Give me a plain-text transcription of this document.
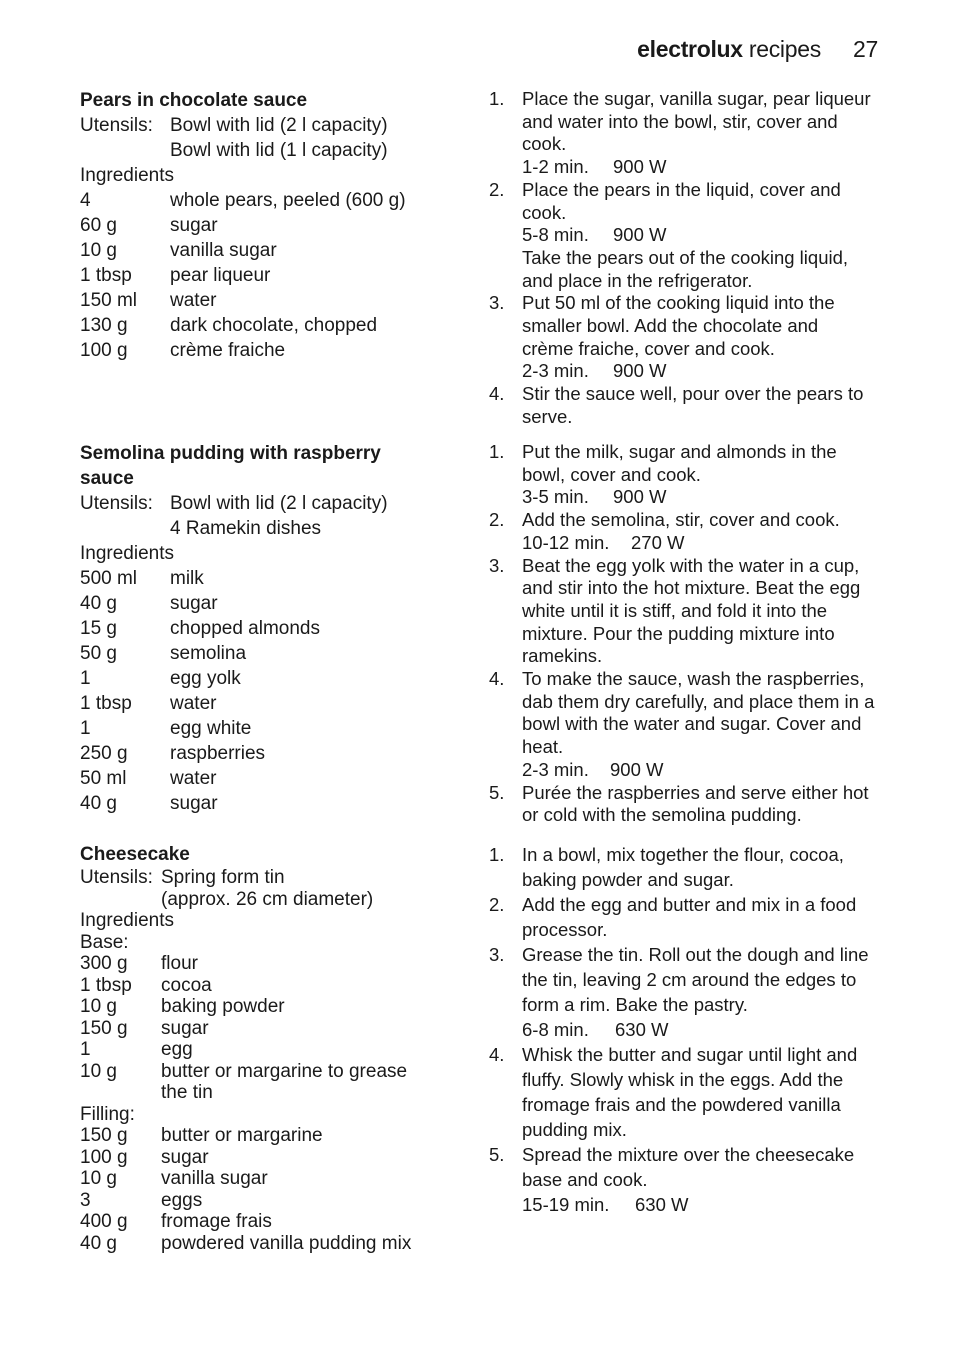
electrolux recipes 27
Pears in chocolate sauce
Utensils: Bowl with lid (2 l capacity)
Bowl with lid (1 l capacity)
Ingredients
4	whole pears, peeled (600 g)
60 g	sugar
10 g	vanilla sugar
1 tbsp	pear liqueur
150 ml	water
130 g	dark chocolate, chopped
100 g	crème fraiche
1. Place the sugar, vanilla sugar, pear liqueur
and water into the bowl, stir, cover and
cook.
1-2 min. 900 W
2. Place the pears in the liquid, cover and
cook.
5-8 min. 900 W
Take the pears out of the cooking liquid,
and place in the refrigerator.
3. Put 50 ml of the cooking liquid into the
smaller bowl. Add the chocolate and
crème fraiche, cover and cook.
2-3 min. 900 W
4. Stir the sauce well, pour over the pears to
serve.
Semolina pudding with raspberry
sauce
Utensils: Bowl with lid (2 l capacity)
4 Ramekin dishes
Ingredients
500 ml	milk
40 g	sugar
15 g	chopped almonds
50 g	semolina
1	egg yolk
1 tbsp	water
1	egg white
250 g	raspberries
50 ml	water
40 g	sugar
1. Put the milk, sugar and almonds in the
bowl, cover and cook.
3-5 min. 900 W
2. Add the semolina, stir, cover and cook.
10-12 min. 270 W
3. Beat the egg yolk with the water in a cup,
and stir into the hot mixture. Beat the egg
white until it is stiff, and fold it into the
mixture. Pour the pudding mixture into
ramekins.
4. To make the sauce, wash the raspberries,
dab them dry carefully, and place them in a
bowl with the water and sugar. Cover and
heat.
2-3 min. 900 W
5. Purée the raspberries and serve either hot
or cold with the semolina pudding.
Cheesecake
Utensils: Spring form tin
(approx. 26 cm diameter)
Ingredients
Base:
300 g	flour
1 tbsp	cocoa
10 g	baking powder
150 g	sugar
1	egg
10 g	butter or margarine to grease
the tin
Filling:
150 g	butter or margarine
100 g	sugar
10 g	vanilla sugar
3	eggs
400 g	fromage frais
40 g	powdered vanilla pudding mix
1. In a bowl, mix together the flour, cocoa,
baking powder and sugar.
2. Add the egg and butter and mix in a food
processor.
3. Grease the tin. Roll out the dough and line
the tin, leaving 2 cm around the edges to
form a rim. Bake the pastry.
6-8 min. 630 W
4. Whisk the butter and sugar until light and
fluffy. Slowly whisk in the eggs. Add the
fromage frais and the powdered vanilla
pudding mix.
5. Spread the mixture over the cheesecake
base and cook.
15-19 min. 630 W
